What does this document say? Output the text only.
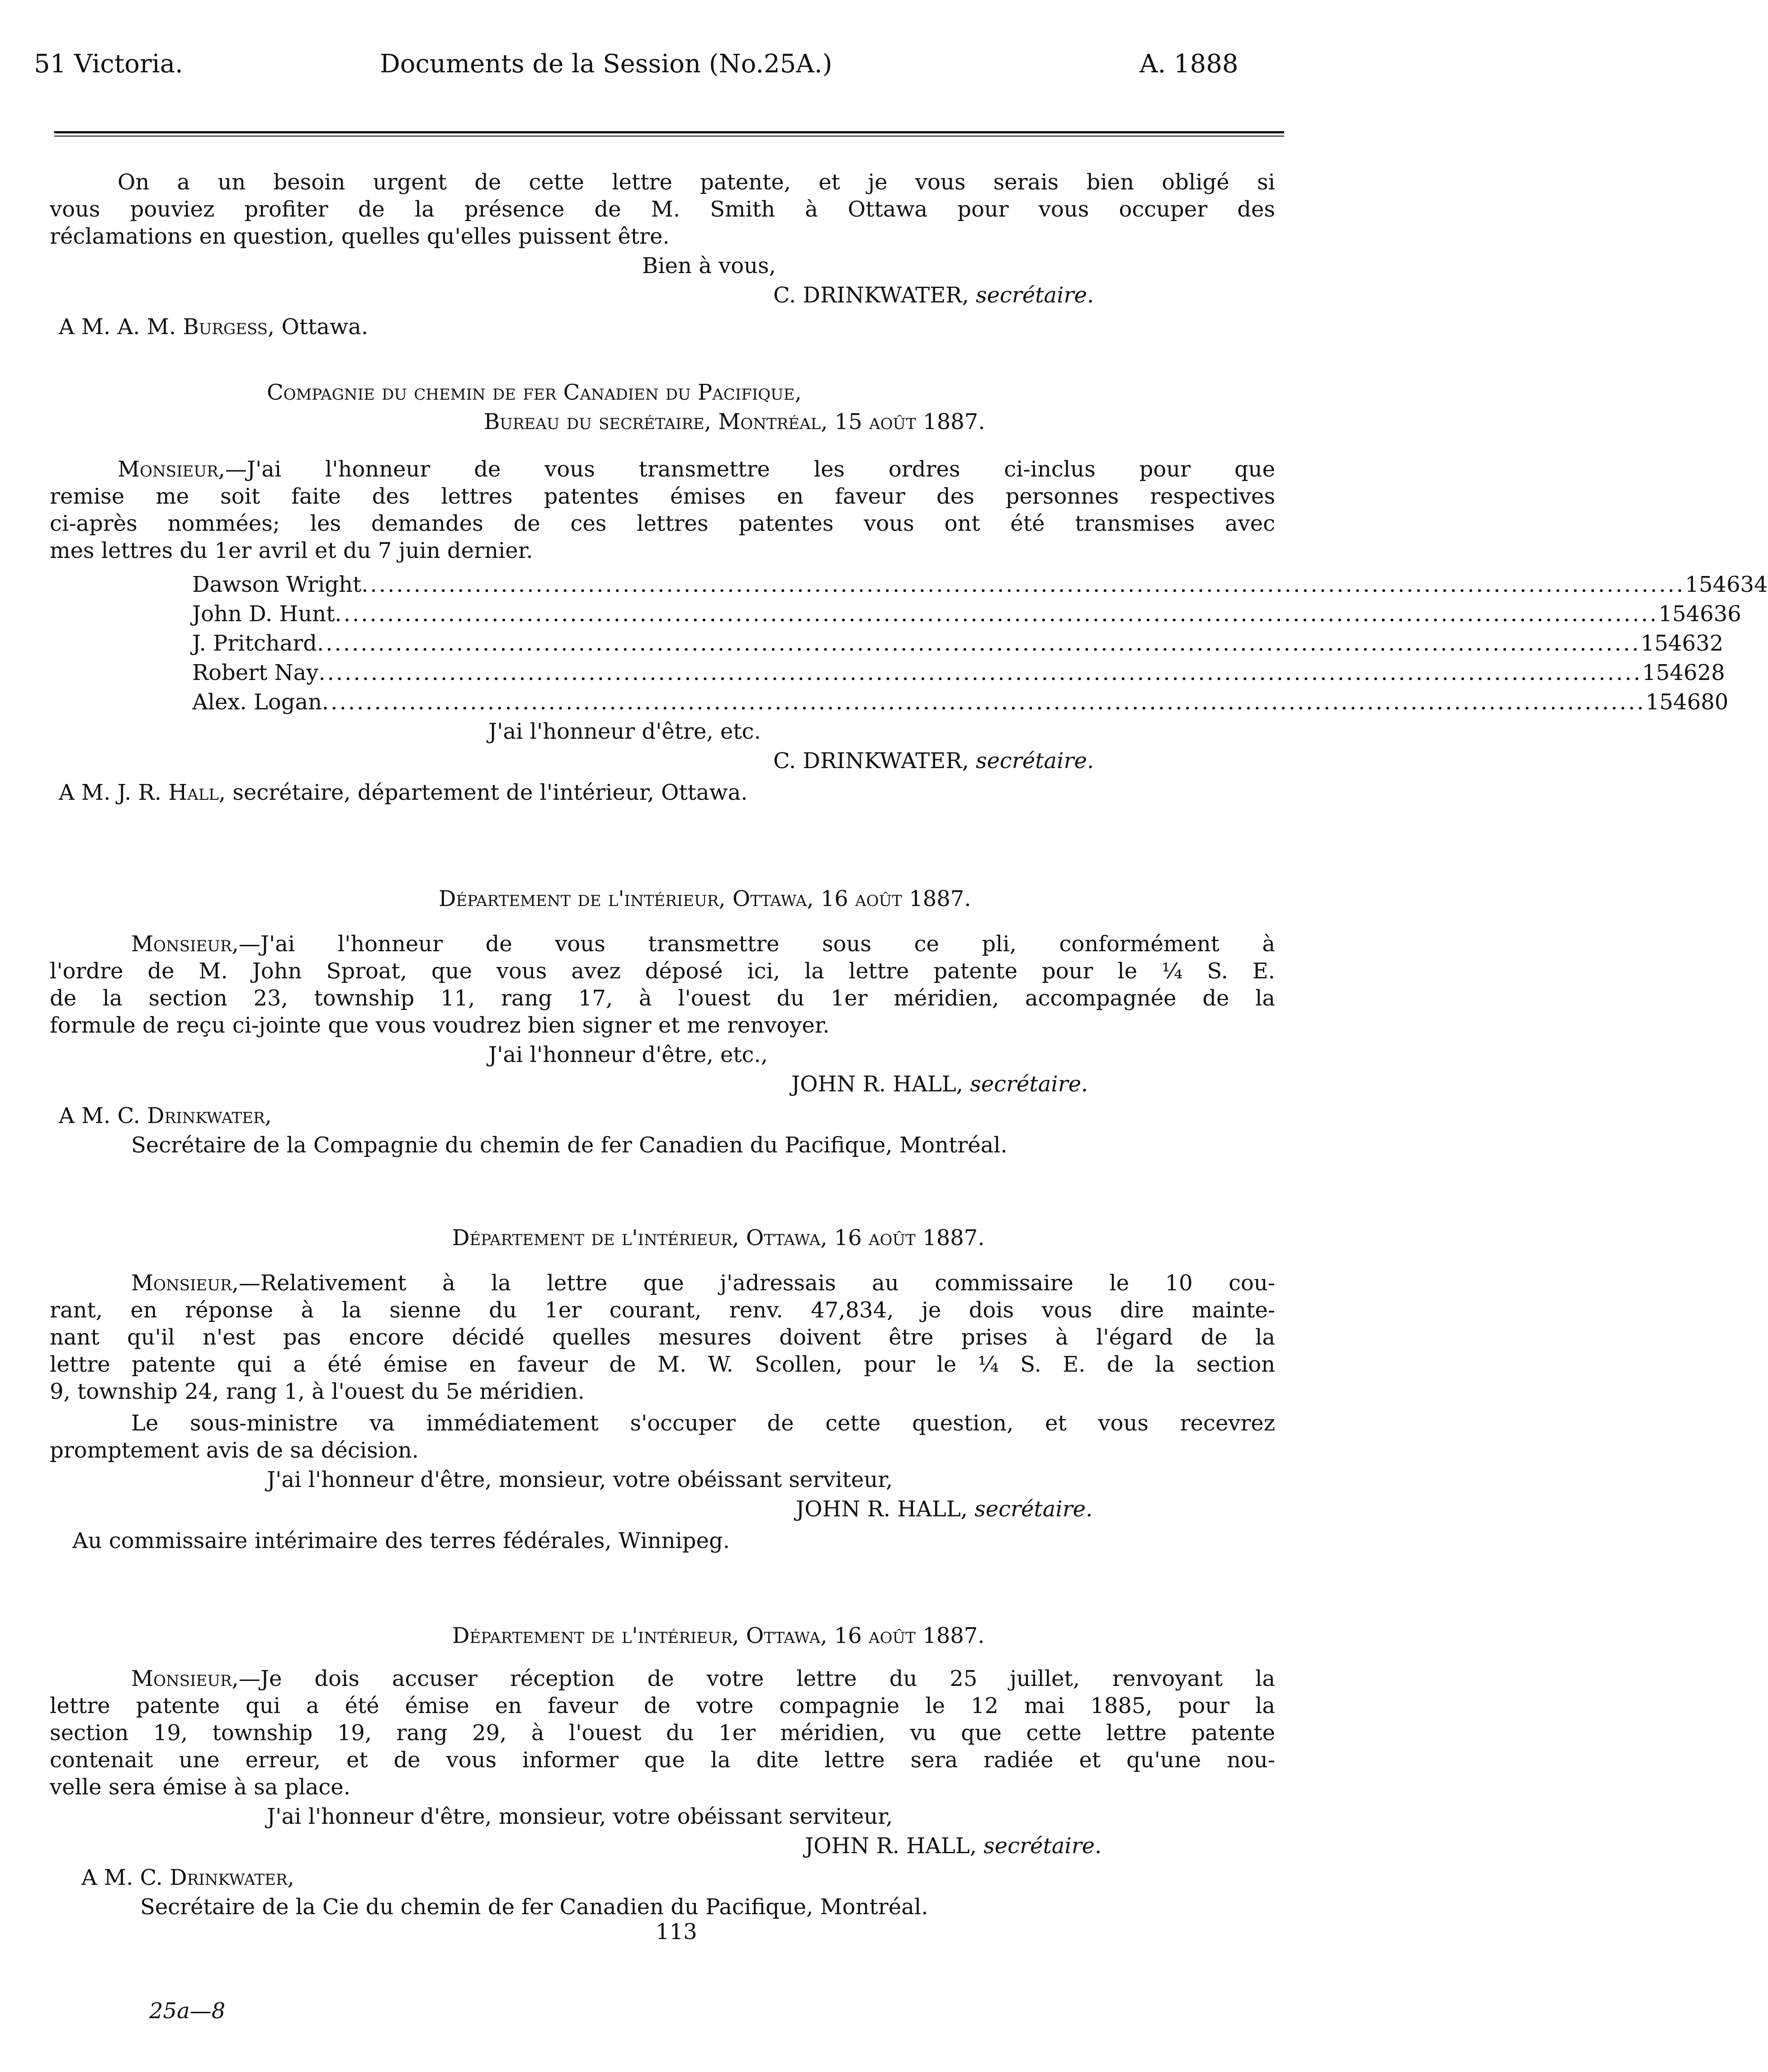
51 Victoria.	Documents de la Session (No.25A.)	A. 1888
On a un besoin urgent de cette lettre patente, et je vous serais bien obligé si
vous pouviez profiter de la présence de M. Smith à Ottawa pour vous occuper des
réclamations en question, quelles qu'elles puissent être.
Bien à vous,
C. DRINKWATER, secrétaire.
A M. A. M. Burgess, Ottawa.
Compagnie du chemin de fer Canadien du Pacifique,
Bureau du secrétaire, Montréal, 15 août 1887.
Monsieur,—J'ai l'honneur de vous transmettre les ordres ci-inclus pour que
remise me soit faite des lettres patentes émises en faveur des personnes respectives
ci-après nommées; les demandes de ces lettres patentes vous ont été transmises avec
mes lettres du 1er avril et du 7 juin dernier.
Dawson Wright ........................................................................................................................................................ 154634
John D. Hunt ........................................................................................................................................................ 154636
J. Pritchard ........................................................................................................................................................ 154632
Robert Nay ........................................................................................................................................................ 154628
Alex. Logan ........................................................................................................................................................ 154680
J'ai l'honneur d'être, etc.
C. DRINKWATER, secrétaire.
A M. J. R. Hall, secrétaire, département de l'intérieur, Ottawa.
Département de l'intérieur, Ottawa, 16 août 1887.
Monsieur,—J'ai l'honneur de vous transmettre sous ce pli, conformément à
l'ordre de M. John Sproat, que vous avez déposé ici, la lettre patente pour le ¼ S. E.
de la section 23, township 11, rang 17, à l'ouest du 1er méridien, accompagnée de la
formule de reçu ci-jointe que vous voudrez bien signer et me renvoyer.
J'ai l'honneur d'être, etc.,
JOHN R. HALL, secrétaire.
A M. C. Drinkwater,
Secrétaire de la Compagnie du chemin de fer Canadien du Pacifique, Montréal.
Département de l'intérieur, Ottawa, 16 août 1887.
Monsieur,—Relativement à la lettre que j'adressais au commissaire le 10 cou-
rant, en réponse à la sienne du 1er courant, renv. 47,834, je dois vous dire mainte-
nant qu'il n'est pas encore décidé quelles mesures doivent être prises à l'égard de la
lettre patente qui a été émise en faveur de M. W. Scollen, pour le ¼ S. E. de la section
9, township 24, rang 1, à l'ouest du 5e méridien.
Le sous-ministre va immédiatement s'occuper de cette question, et vous recevrez
promptement avis de sa décision.
J'ai l'honneur d'être, monsieur, votre obéissant serviteur,
JOHN R. HALL, secrétaire.
Au commissaire intérimaire des terres fédérales, Winnipeg.
Département de l'intérieur, Ottawa, 16 août 1887.
Monsieur,—Je dois accuser réception de votre lettre du 25 juillet, renvoyant la
lettre patente qui a été émise en faveur de votre compagnie le 12 mai 1885, pour la
section 19, township 19, rang 29, à l'ouest du 1er méridien, vu que cette lettre patente
contenait une erreur, et de vous informer que la dite lettre sera radiée et qu'une nou-
velle sera émise à sa place.
J'ai l'honneur d'être, monsieur, votre obéissant serviteur,
JOHN R. HALL, secrétaire.
A M. C. Drinkwater,
Secrétaire de la Cie du chemin de fer Canadien du Pacifique, Montréal.
113
25a—8
